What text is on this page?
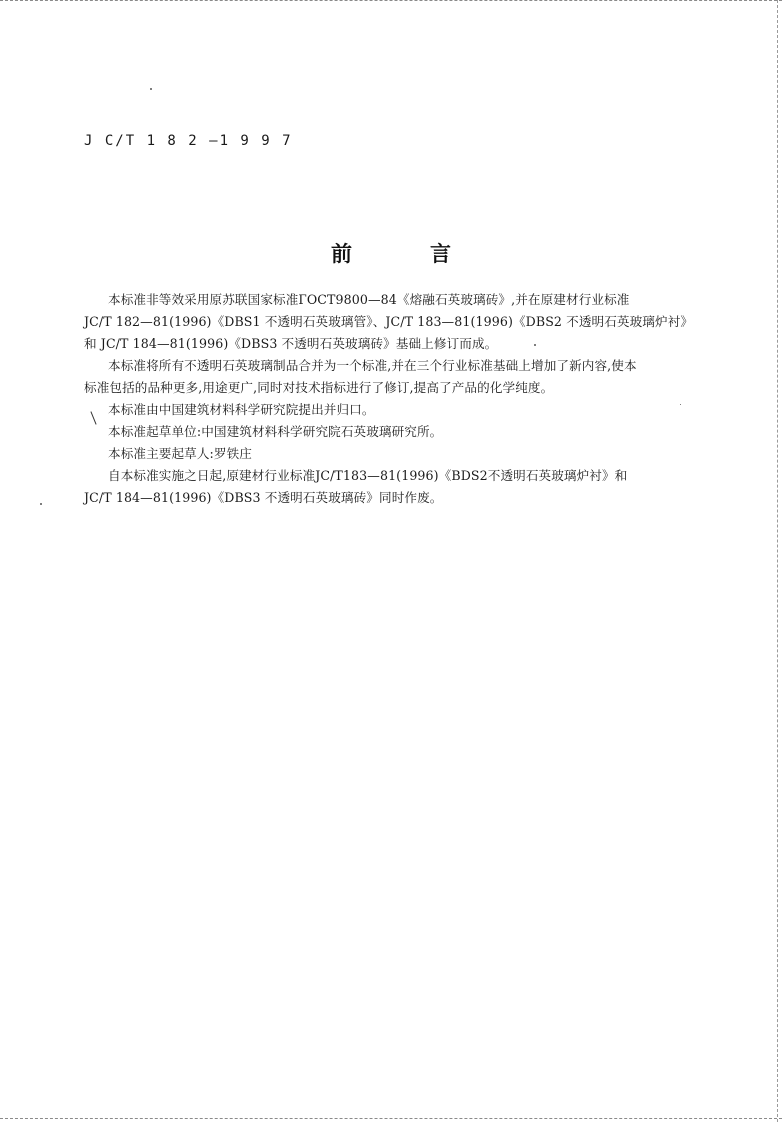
J C/T 1 8 2 —1 9 9 7
前	言

本标准非等效采用原苏联国家标准ГОСТ9800—84《熔融石英玻璃砖》,并在原建材行业标准

JC/T 182—81(1996)《DBS1 不透明石英玻璃管》、JC/T 183—81(1996)《DBS2 不透明石英玻璃炉衬》

和 JC/T 184—81(1996)《DBS3 不透明石英玻璃砖》基础上修订而成。

本标准将所有不透明石英玻璃制品合并为一个标准,并在三个行业标准基础上增加了新内容,使本

标准包括的品种更多,用途更广,同时对技术指标进行了修订,提高了产品的化学纯度。

本标准由中国建筑材料科学研究院提出并归口。

本标准起草单位:中国建筑材料科学研究院石英玻璃研究所。

本标准主要起草人:罗铁庄

自本标准实施之日起,原建材行业标准JC/T183—81(1996)《BDS2不透明石英玻璃炉衬》和

JC/T 184—81(1996)《DBS3 不透明石英玻璃砖》同时作废。
